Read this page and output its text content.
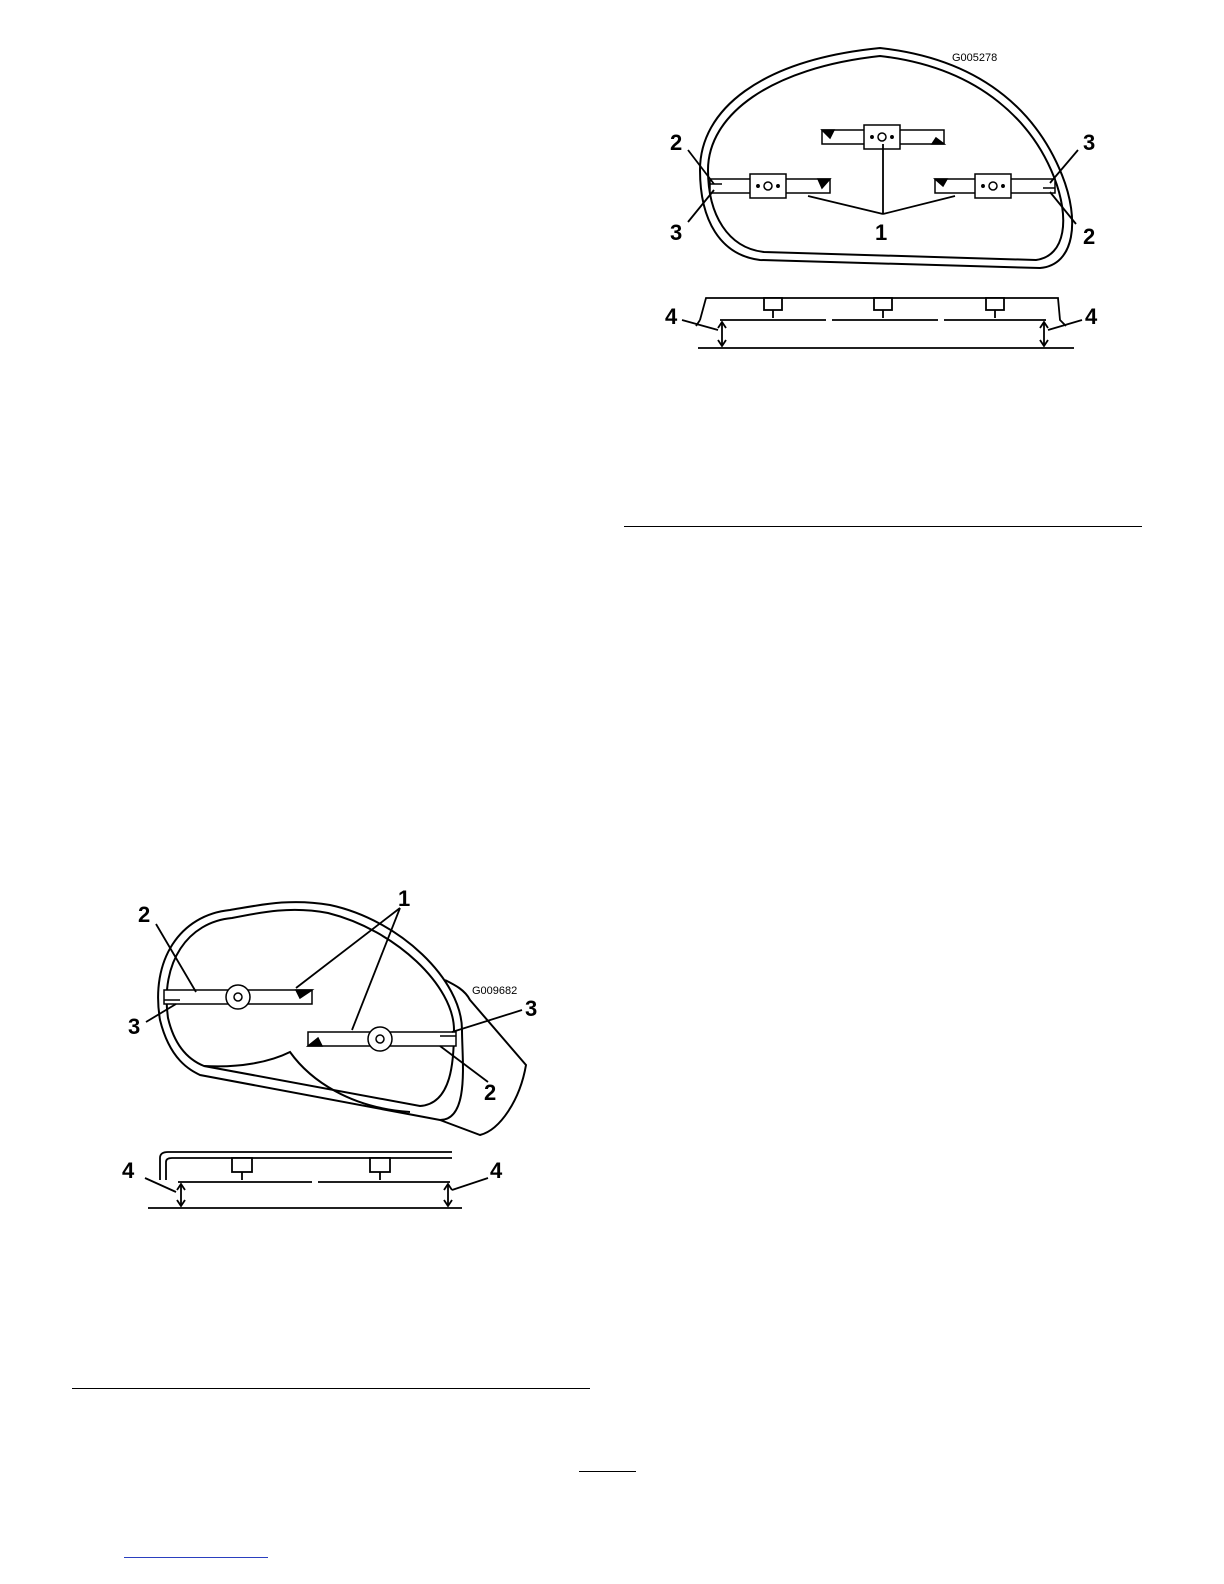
G005278
1
2
3
3
2
4	4
G009682
1
2
3
3
2
4	4
